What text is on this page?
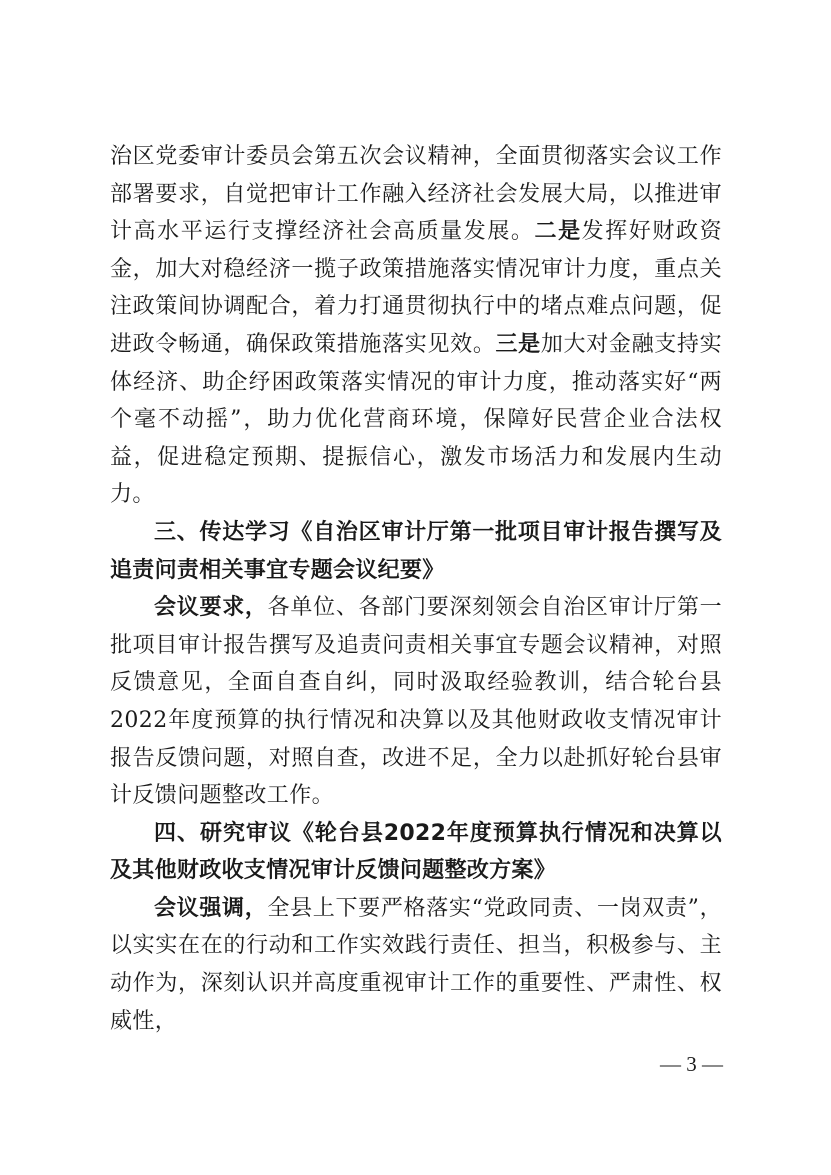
治区党委审计委员会第五次会议精神，全面贯彻落实会议工作部署要求，自觉把审计工作融入经济社会发展大局，以推进审计高水平运行支撑经济社会高质量发展。二是发挥好财政资金，加大对稳经济一揽子政策措施落实情况审计力度，重点关注政策间协调配合，着力打通贯彻执行中的堵点难点问题，促进政令畅通，确保政策措施落实见效。三是加大对金融支持实体经济、助企纾困政策落实情况的审计力度，推动落实好“两个毫不动摇”，助力优化营商环境，保障好民营企业合法权益，促进稳定预期、提振信心，激发市场活力和发展内生动力。

三、传达学习《自治区审计厅第一批项目审计报告撰写及追责问责相关事宜专题会议纪要》

会议要求，各单位、各部门要深刻领会自治区审计厅第一批项目审计报告撰写及追责问责相关事宜专题会议精神，对照反馈意见，全面自查自纠，同时汲取经验教训，结合轮台县2022年度预算的执行情况和决算以及其他财政收支情况审计报告反馈问题，对照自查，改进不足，全力以赴抓好轮台县审计反馈问题整改工作。

四、研究审议《轮台县2022年度预算执行情况和决算以及其他财政收支情况审计反馈问题整改方案》

会议强调，全县上下要严格落实“党政同责、一岗双责”，以实实在在的行动和工作实效践行责任、担当，积极参与、主动作为，深刻认识并高度重视审计工作的重要性、严肃性、权威性，

— 3 —
